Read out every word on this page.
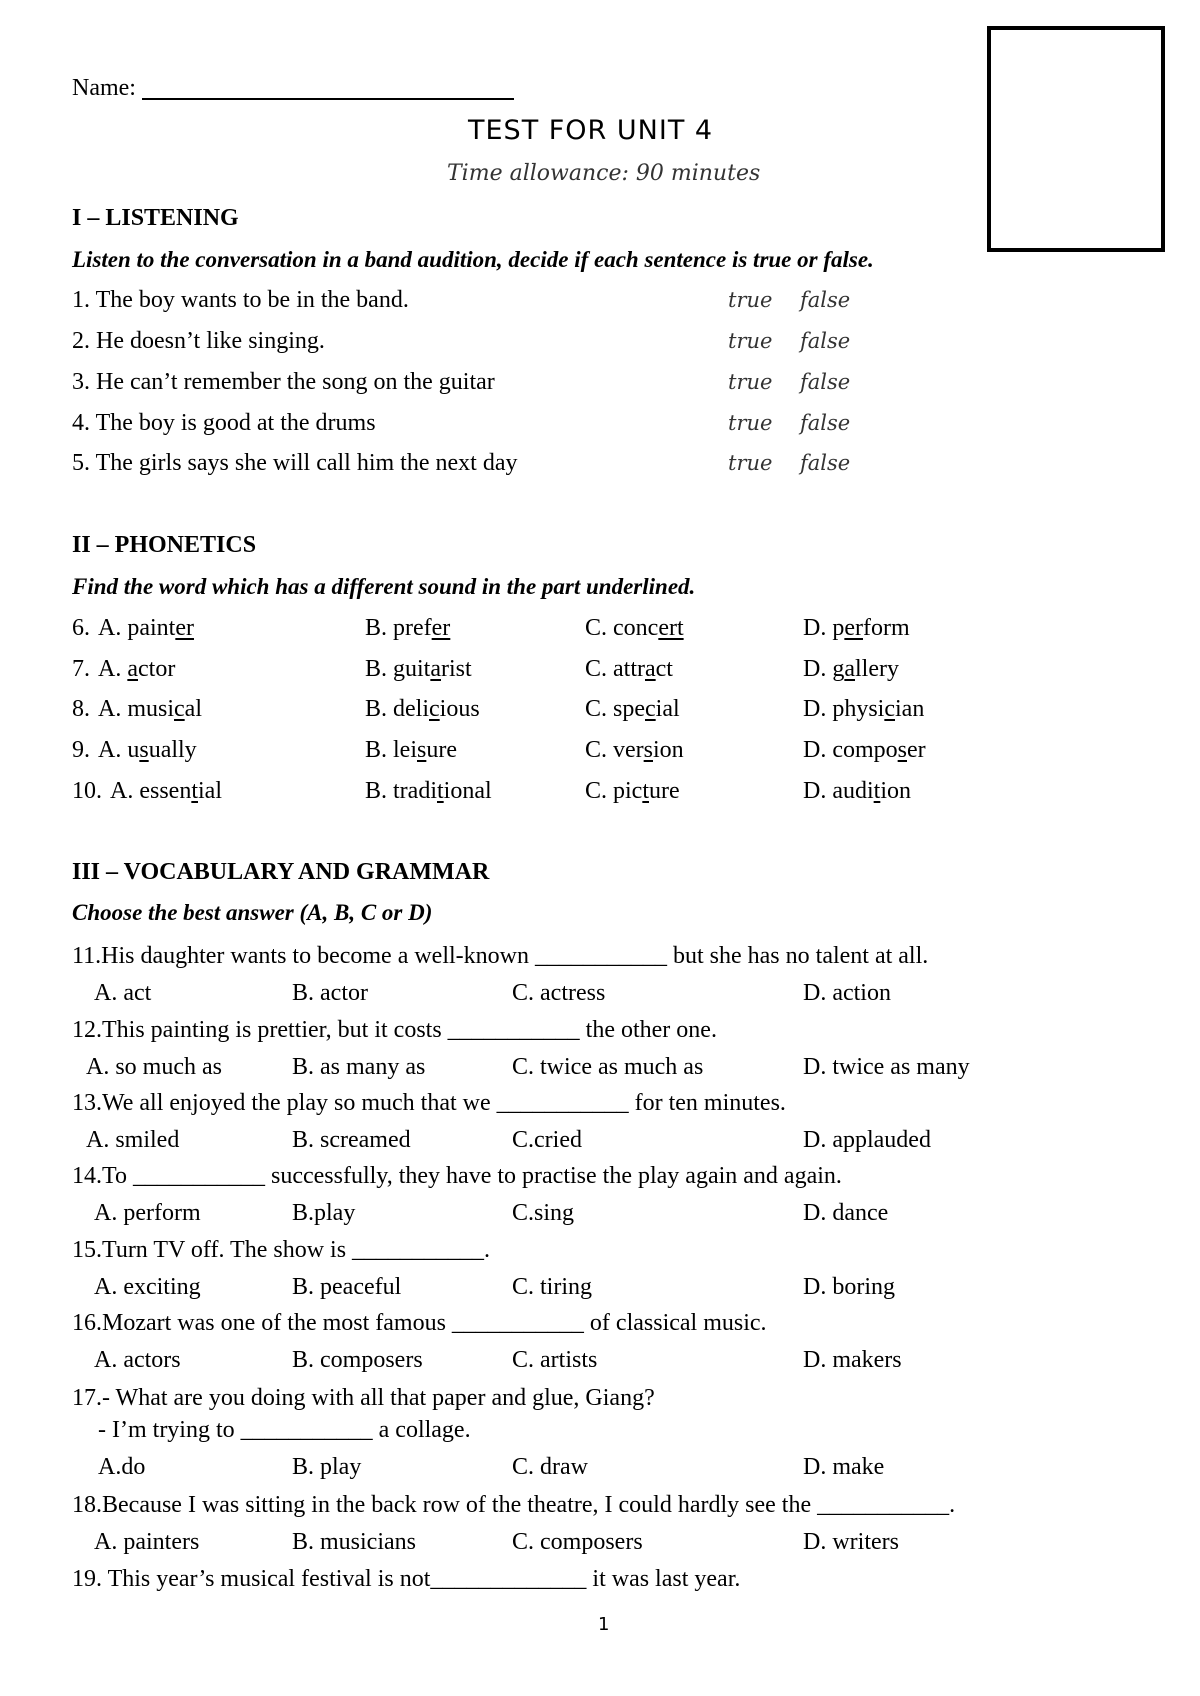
Name:
TEST FOR UNIT 4
Time allowance: 90 minutes
I – LISTENING
Listen to the conversation in a band audition, decide if each sentence is true or false.
1. The boy wants to be in the band.	true false
2. He doesn’t like singing.	true false
3. He can’t remember the song on the guitar	true false
4. The boy is good at the drums	true false
5. The girls says she will call him the next day	true false
II – PHONETICS
Find the word which has a different sound in the part underlined.
6. A. painter	B. prefer	C. concert	D. perform
7. A. actor	B. guitarist	C. attract	D. gallery
8. A. musical	B. delicious	C. special	D. physician
9. A. usually	B. leisure	C. version	D. composer
10. A. essential	B. traditional	C. picture	D. audition
III – VOCABULARY AND GRAMMAR
Choose the best answer (A, B, C or D)
11.His daughter wants to become a well-known ___________ but she has no talent at all.
A. act	B. actor	C. actress	D. action
12.This painting is prettier, but it costs ___________ the other one.
A. so much as	B. as many as	C. twice as much as	D. twice as many
13.We all enjoyed the play so much that we ___________ for ten minutes.
A. smiled	B. screamed	C.cried	D. applauded
14.To ___________ successfully, they have to practise the play again and again.
A. perform	B.play	C.sing	D. dance
15.Turn TV off. The show is ___________.
A. exciting	B. peaceful	C. tiring	D. boring
16.Mozart was one of the most famous ___________ of classical music.
A. actors	B. composers	C. artists	D. makers
17.- What are you doing with all that paper and glue, Giang?
- I’m trying to ___________ a collage.
A.do	B. play	C. draw	D. make
18.Because I was sitting in the back row of the theatre, I could hardly see the ___________.
A. painters	B. musicians	C. composers	D. writers
19. This year’s musical festival is not_____________ it was last year.
1
